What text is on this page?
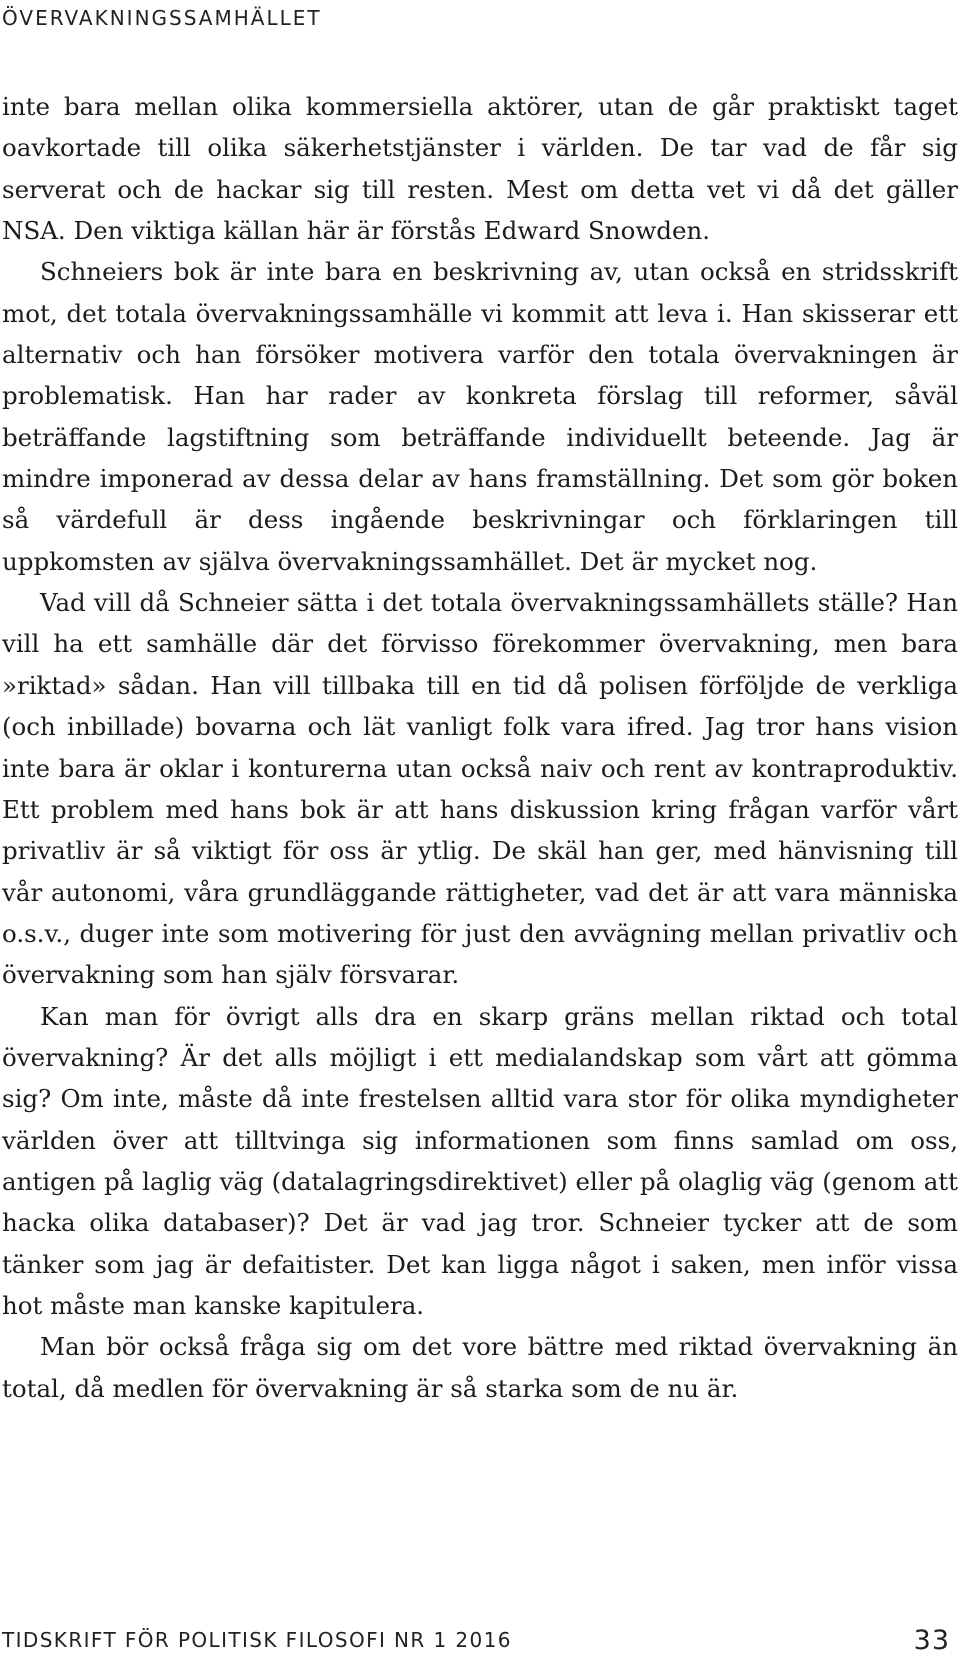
ÖVERVAKNINGSSAMHÄLLET

inte bara mellan olika kommersiella aktörer, utan de går praktiskt taget oavkortade till olika säkerhetstjänster i världen. De tar vad de får sig serverat och de hackar sig till resten. Mest om detta vet vi då det gäller NSA. Den viktiga källan här är förstås Edward Snowden.

Schneiers bok är inte bara en beskrivning av, utan också en stridsskrift mot, det totala övervakningssamhälle vi kommit att leva i. Han skisserar ett alternativ och han försöker motivera varför den totala övervakningen är problematisk. Han har rader av konkreta förslag till reformer, såväl beträffande lagstiftning som beträffande individuellt beteende. Jag är mindre imponerad av dessa delar av hans framställning. Det som gör boken så värdefull är dess ingående beskrivningar och förklaringen till uppkomsten av själva övervakningssamhället. Det är mycket nog.

Vad vill då Schneier sätta i det totala övervakningssamhällets ställe? Han vill ha ett samhälle där det förvisso förekommer övervakning, men bara »riktad» sådan. Han vill tillbaka till en tid då polisen förföljde de verkliga (och inbillade) bovarna och lät vanligt folk vara ifred. Jag tror hans vision inte bara är oklar i konturerna utan också naiv och rent av kontraproduktiv. Ett problem med hans bok är att hans diskussion kring frågan varför vårt privatliv är så viktigt för oss är ytlig. De skäl han ger, med hänvisning till vår autonomi, våra grundläggande rättigheter, vad det är att vara människa o.s.v., duger inte som motivering för just den avvägning mellan privatliv och övervakning som han själv försvarar.

Kan man för övrigt alls dra en skarp gräns mellan riktad och total övervakning? Är det alls möjligt i ett medialandskap som vårt att gömma sig? Om inte, måste då inte frestelsen alltid vara stor för olika myndigheter världen över att tilltvinga sig informationen som finns samlad om oss, antigen på laglig väg (datalagringsdirektivet) eller på olaglig väg (genom att hacka olika databaser)? Det är vad jag tror. Schneier tycker att de som tänker som jag är defaitister. Det kan ligga något i saken, men inför vissa hot måste man kanske kapitulera.

Man bör också fråga sig om det vore bättre med riktad övervakning än total, då medlen för övervakning är så starka som de nu är.

TIDSKRIFT FÖR POLITISK FILOSOFI NR 1 2016	33
